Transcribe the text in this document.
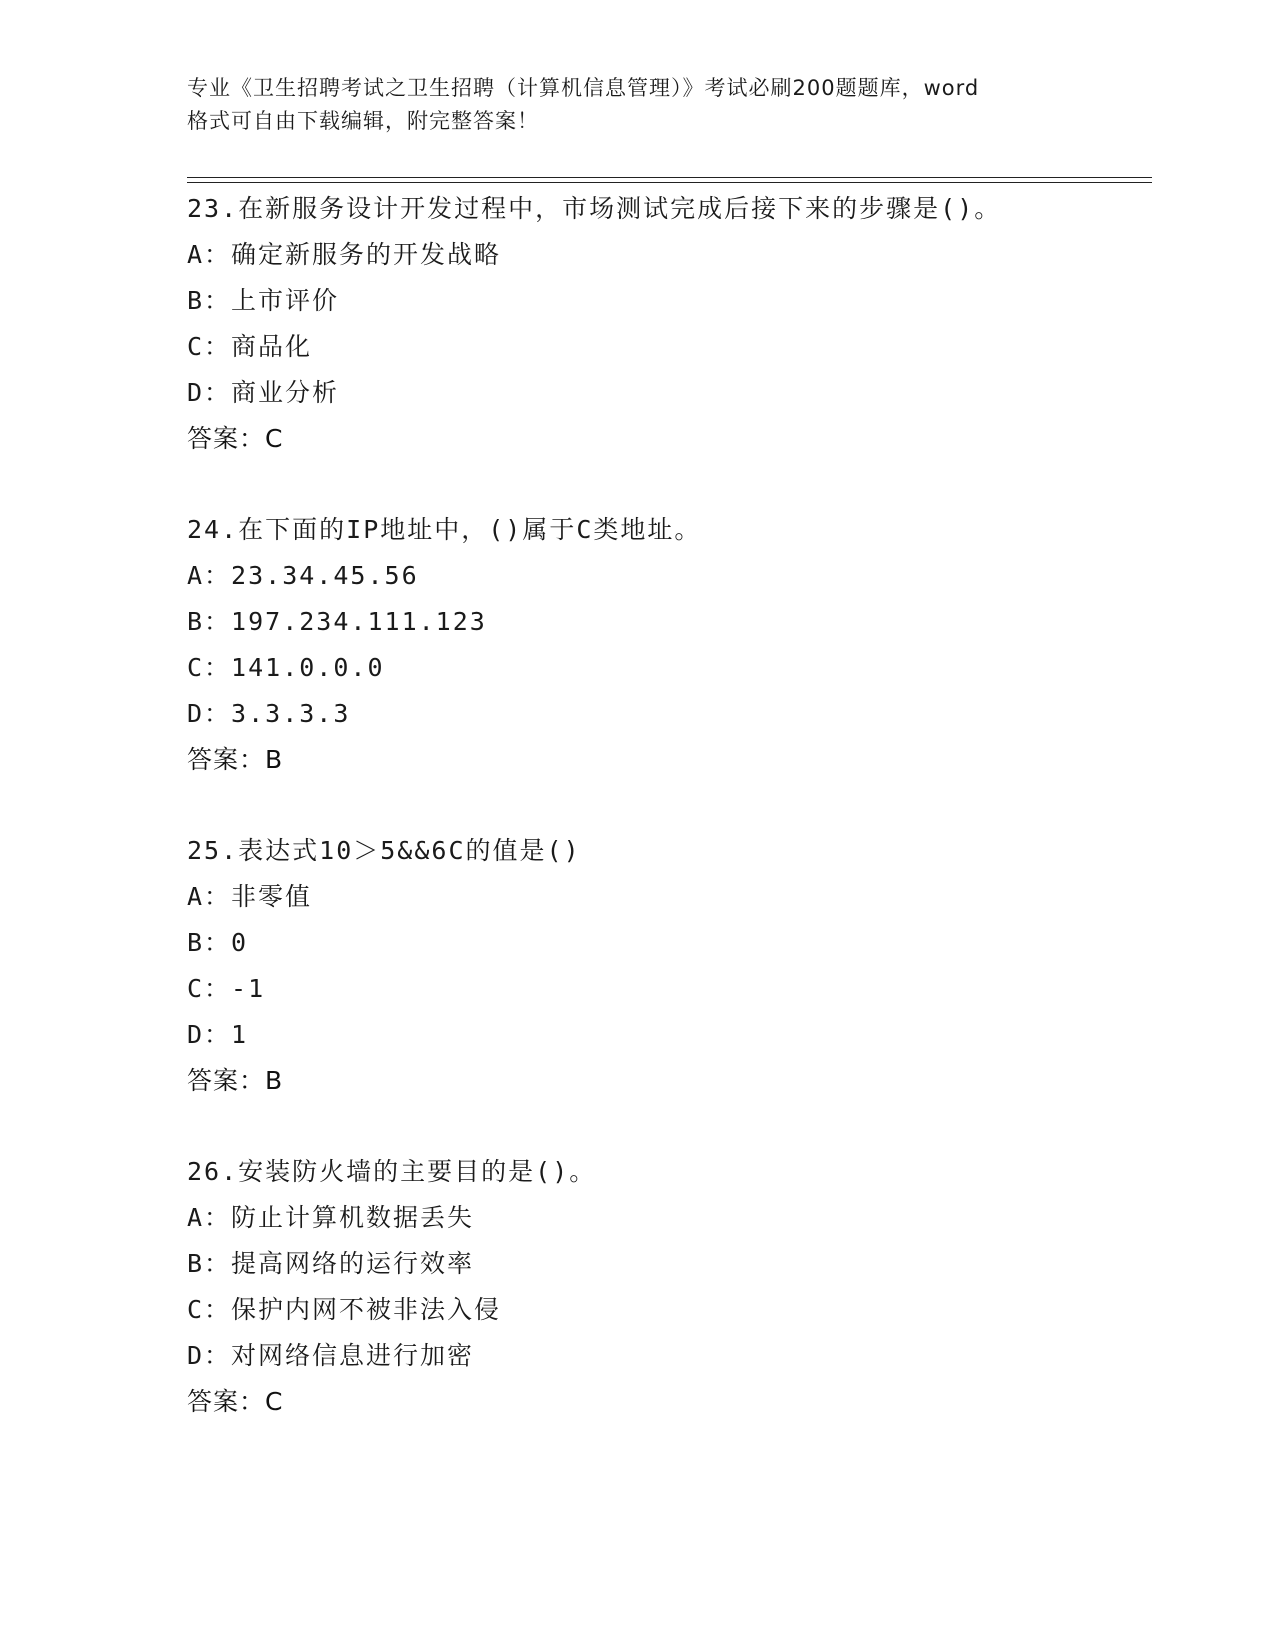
专业《卫生招聘考试之卫生招聘（计算机信息管理）》考试必刷200题题库，word
格式可自由下载编辑，附完整答案！
23.在新服务设计开发过程中，市场测试完成后接下来的步骤是()。
A：确定新服务的开发战略
B：上市评价
C：商品化
D：商业分析
答案：C
24.在下面的IP地址中，()属于C类地址。
A：23.34.45.56
B：197.234.111.123
C：141.0.0.0
D：3.3.3.3
答案：B
25.表达式10＞5&&6C的值是()
A：非零值
B：0
C：-1
D：1
答案：B
26.安装防火墙的主要目的是()。
A：防止计算机数据丢失
B：提高网络的运行效率
C：保护内网不被非法入侵
D：对网络信息进行加密
答案：C
